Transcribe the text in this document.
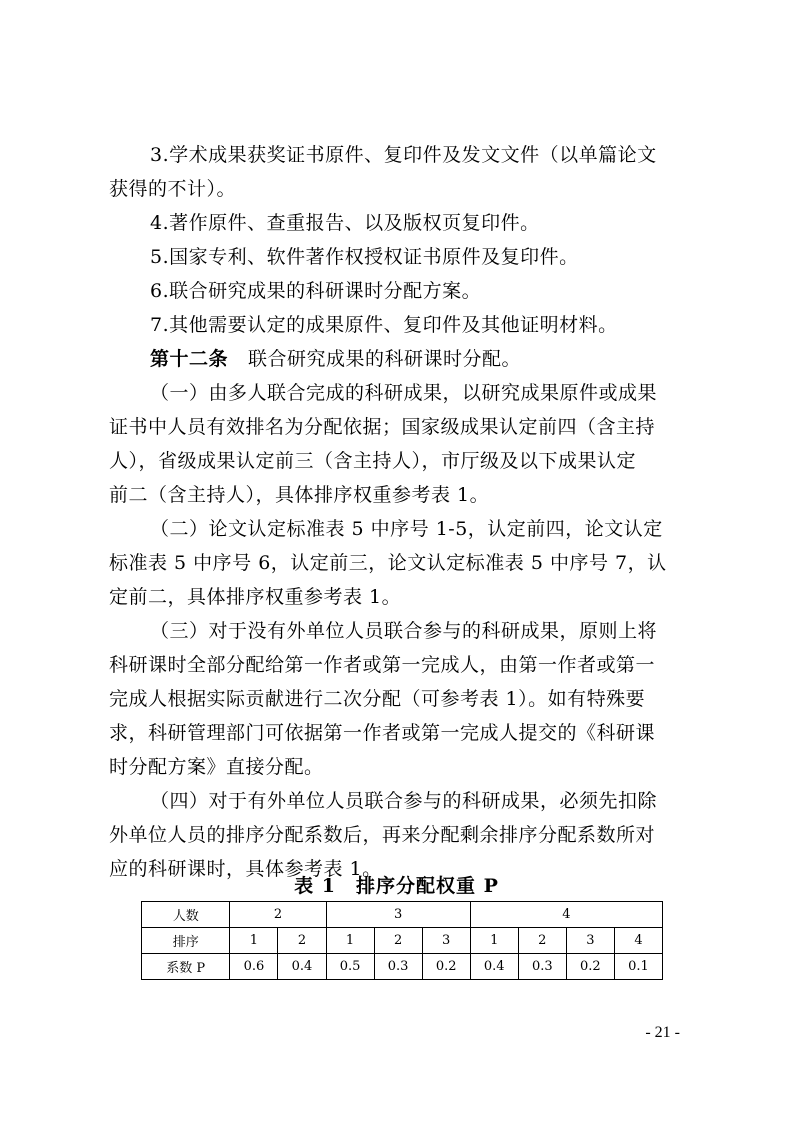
3.学术成果获奖证书原件、复印件及发文文件（以单篇论文
获得的不计）。
4.著作原件、查重报告、以及版权页复印件。
5.国家专利、软件著作权授权证书原件及复印件。
6.联合研究成果的科研课时分配方案。
7.其他需要认定的成果原件、复印件及其他证明材料。
第十二条 联合研究成果的科研课时分配。
（一）由多人联合完成的科研成果，以研究成果原件或成果
证书中人员有效排名为分配依据；国家级成果认定前四（含主持
人），省级成果认定前三（含主持人），市厅级及以下成果认定
前二（含主持人），具体排序权重参考表 1。
（二）论文认定标准表 5 中序号 1-5，认定前四，论文认定
标准表 5 中序号 6，认定前三，论文认定标准表 5 中序号 7，认
定前二，具体排序权重参考表 1。
（三）对于没有外单位人员联合参与的科研成果，原则上将
科研课时全部分配给第一作者或第一完成人，由第一作者或第一
完成人根据实际贡献进行二次分配（可参考表 1）。如有特殊要
求，科研管理部门可依据第一作者或第一完成人提交的《科研课
时分配方案》直接分配。
（四）对于有外单位人员联合参与的科研成果，必须先扣除
外单位人员的排序分配系数后，再来分配剩余排序分配系数所对
应的科研课时，具体参考表 1。
表 1　排序分配权重 P
人数	2		3			4			
排序	1	2	1	2	3	1	2	3	4
系数 P	0.6	0.4	0.5	0.3	0.2	0.4	0.3	0.2	0.1
- 21 -
